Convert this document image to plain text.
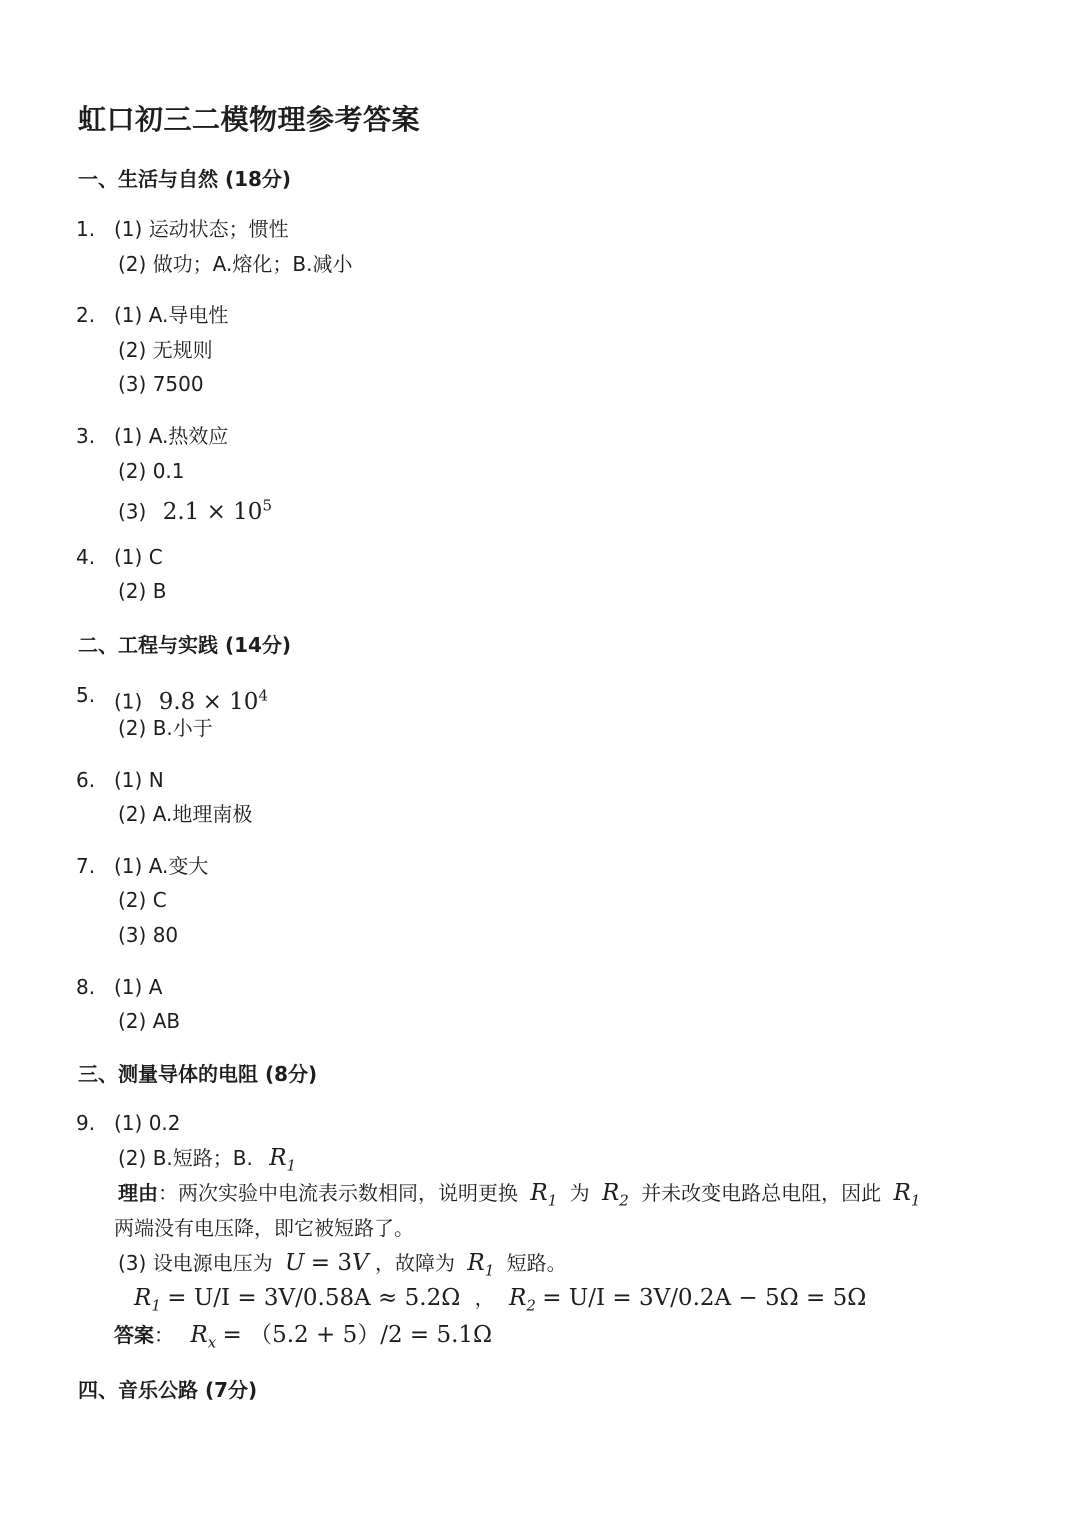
虹口初三二模物理参考答案
一、生活与自然 (18分)
1. (1) 运动状态；惯性
(2) 做功；A.熔化；B.减小
2. (1) A.导电性
(2) 无规则
(3) 7500
3. (1) A.热效应
(2) 0.1
(3) $2.1 \times 10^5$
4. (1) C
(2) B
二、工程与实践 (14分)
5. (1) $9.8 \times 10^4$
(2) B.小于
6. (1) N
(2) A.地理南极
7. (1) A.变大
(2) C
(3) 80
8. (1) A
(2) AB
三、测量导体的电阻 (8分)
9. (1) 0.2
(2) B.短路；B. $R_1$
理由：两次实验中电流表示数相同，说明更换 $R_1$ 为 $R_2$ 并未改变电路总电阻，因此 $R_1$
两端没有电压降，即它被短路了。
(3) 设电源电压为 U = 3V ，故障为 $R_1$ 短路。
$R_1 = U/I = 3V/0.58A \approx 5.2\Omega$ ， $R_2 = U/I = 3V/0.2A - 5\Omega = 5\Omega$
答案： $R_x = (5.2 + 5)/2 = 5.1\Omega$
四、音乐公路 (7分)
